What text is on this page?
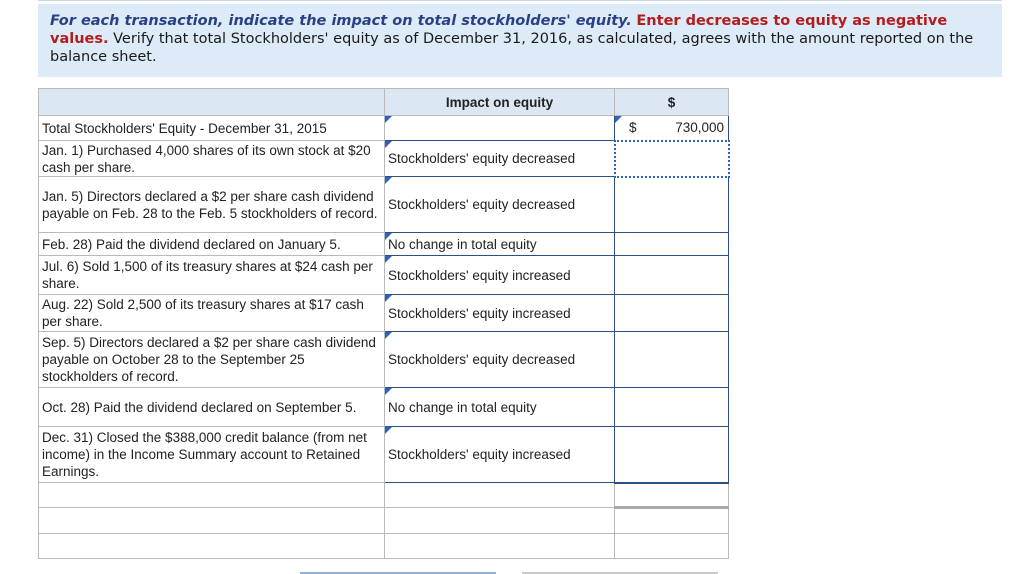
For each transaction, indicate the impact on total stockholders' equity. Enter decreases to equity as negative values. Verify that total Stockholders' equity as of December 31, 2016, as calculated, agrees with the amount reported on the balance sheet.
	Impact on equity	$
Total Stockholders' Equity - December 31, 2015		$ 730,000

Jan. 1) Purchased 4,000 shares of its own stock at $20 cash per share.	Stockholders' equity decreased	
Jan. 5) Directors declared a $2 per share cash dividend payable on Feb. 28 to the Feb. 5 stockholders of record.	Stockholders' equity decreased	
Feb. 28) Paid the dividend declared on January 5.	No change in total equity	
Jul. 6) Sold 1,500 of its treasury shares at $24 cash per share.	Stockholders' equity increased	
Aug. 22) Sold 2,500 of its treasury shares at $17 cash per share.	Stockholders' equity increased	
Sep. 5) Directors declared a $2 per share cash dividend payable on October 28 to the September 25 stockholders of record.	Stockholders' equity decreased	
Oct. 28) Paid the dividend declared on September 5.	No change in total equity	
Dec. 31) Closed the $388,000 credit balance (from net income) in the Income Summary account to Retained Earnings.	Stockholders' equity increased	
